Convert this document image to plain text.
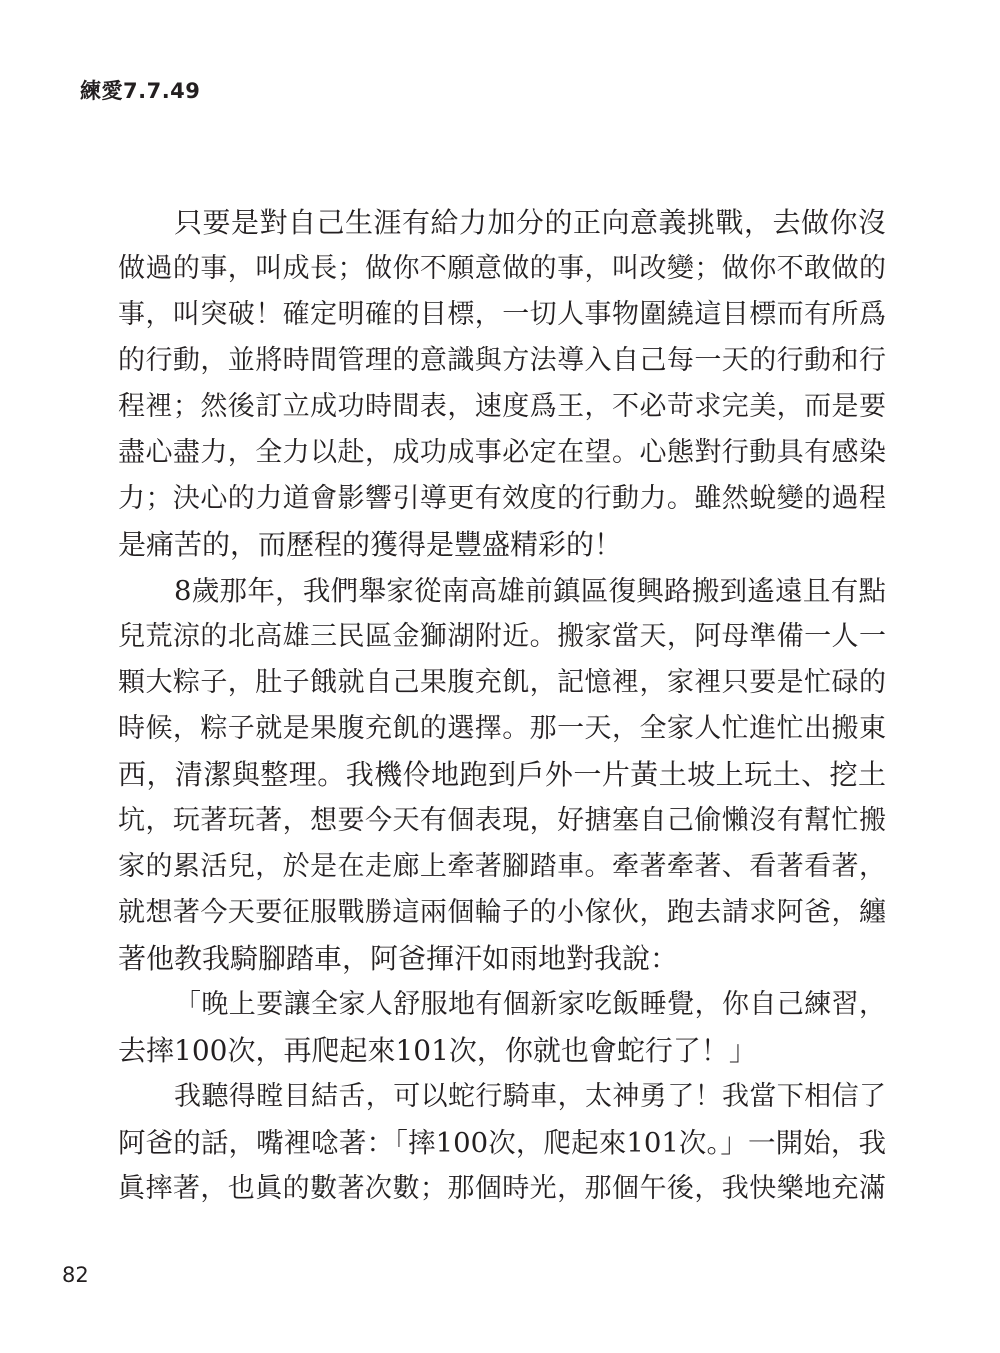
練愛7.7.49
只要是對自己生涯有給力加分的正向意義挑戰，去做你沒
做過的事，叫成長；做你不願意做的事，叫改變；做你不敢做的
事，叫突破！確定明確的目標，一切人事物圍繞這目標而有所爲
的行動，並將時間管理的意識與方法導入自己每一天的行動和行
程裡；然後訂立成功時間表，速度爲王，不必苛求完美，而是要
盡心盡力，全力以赴，成功成事必定在望。心態對行動具有感染
力；決心的力道會影響引導更有效度的行動力。雖然蛻變的過程
是痛苦的，而歷程的獲得是豐盛精彩的！
8歲那年，我們舉家從南高雄前鎮區復興路搬到遙遠且有點
兒荒涼的北高雄三民區金獅湖附近。搬家當天，阿母準備一人一
顆大粽子，肚子餓就自己果腹充飢，記憶裡，家裡只要是忙碌的
時候，粽子就是果腹充飢的選擇。那一天，全家人忙進忙出搬東
西，清潔與整理。我機伶地跑到戶外一片黃土坡上玩土、挖土
坑，玩著玩著，想要今天有個表現，好搪塞自己偷懶沒有幫忙搬
家的累活兒，於是在走廊上牽著腳踏車。牽著牽著、看著看著，
就想著今天要征服戰勝這兩個輪子的小傢伙，跑去請求阿爸，纏
著他教我騎腳踏車，阿爸揮汗如雨地對我說：
「晚上要讓全家人舒服地有個新家吃飯睡覺，你自己練習，
去摔100次，再爬起來101次，你就也會蛇行了！」
我聽得瞠目結舌，可以蛇行騎車，太神勇了！我當下相信了
阿爸的話，嘴裡唸著：「摔100次，爬起來101次。」一開始，我
眞摔著，也眞的數著次數；那個時光，那個午後，我快樂地充滿
82
